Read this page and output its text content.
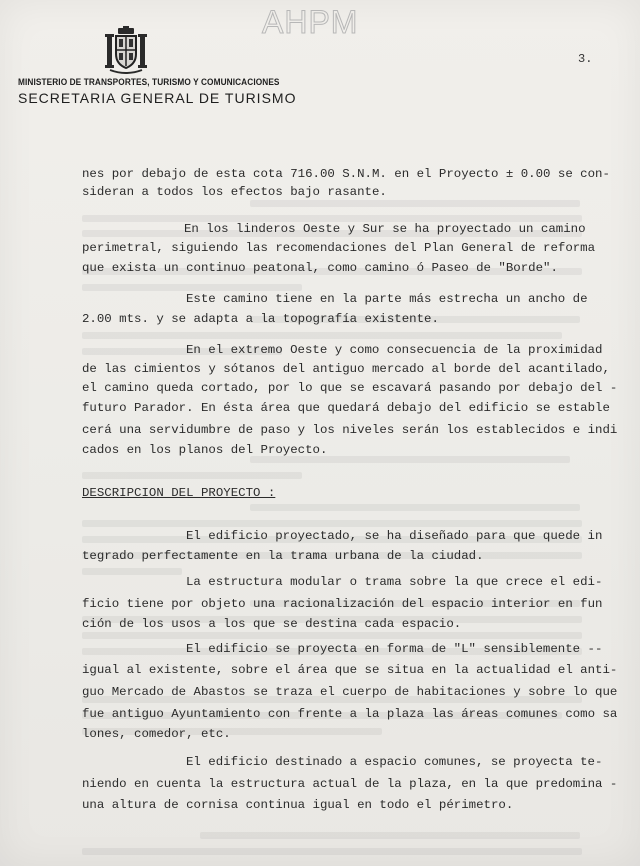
AHPM
MINISTERIO DE TRANSPORTES, TURISMO Y COMUNICACIONES
SECRETARIA GENERAL DE TURISMO
3.
nes por debajo de esta cota 716.00 S.N.M. en el Proyecto ± 0.00 se con-
sideran a todos los efectos bajo rasante.
En los linderos Oeste y Sur se ha proyectado un camino
perimetral, siguiendo las recomendaciones del Plan General de reforma
que exista un continuo peatonal, como camino ó Paseo de "Borde".
Este camino tiene en la parte más estrecha un ancho de
2.00 mts. y se adapta a la topografía existente.
En el extremo Oeste y como consecuencia de la proximidad
de las cimientos y sótanos del antiguo mercado al borde del acantilado,
el camino queda cortado, por lo que se escavará pasando por debajo del -
futuro Parador. En ésta área que quedará debajo del edificio se estable
cerá una servidumbre de paso y los niveles serán los establecidos e indi
cados en los planos del Proyecto.
DESCRIPCION DEL PROYECTO :
El edificio proyectado, se ha diseñado para que quede in
tegrado perfectamente en la trama urbana de la ciudad.
La estructura modular o trama sobre la que crece el edi-
ficio tiene por objeto una racionalización del espacio interior en fun
ción de los usos a los que se destina cada espacio.
El edificio se proyecta en forma de "L" sensiblemente --
igual al existente, sobre el área que se situa en la actualidad el anti-
guo Mercado de Abastos se traza el cuerpo de habitaciones y sobre lo que
fue antiguo Ayuntamiento con frente a la plaza las áreas comunes como sa
lones, comedor, etc.
El edificio destinado a espacio comunes, se proyecta te-
niendo en cuenta la estructura actual de la plaza, en la que predomina -
una altura de cornisa continua igual en todo el périmetro.
